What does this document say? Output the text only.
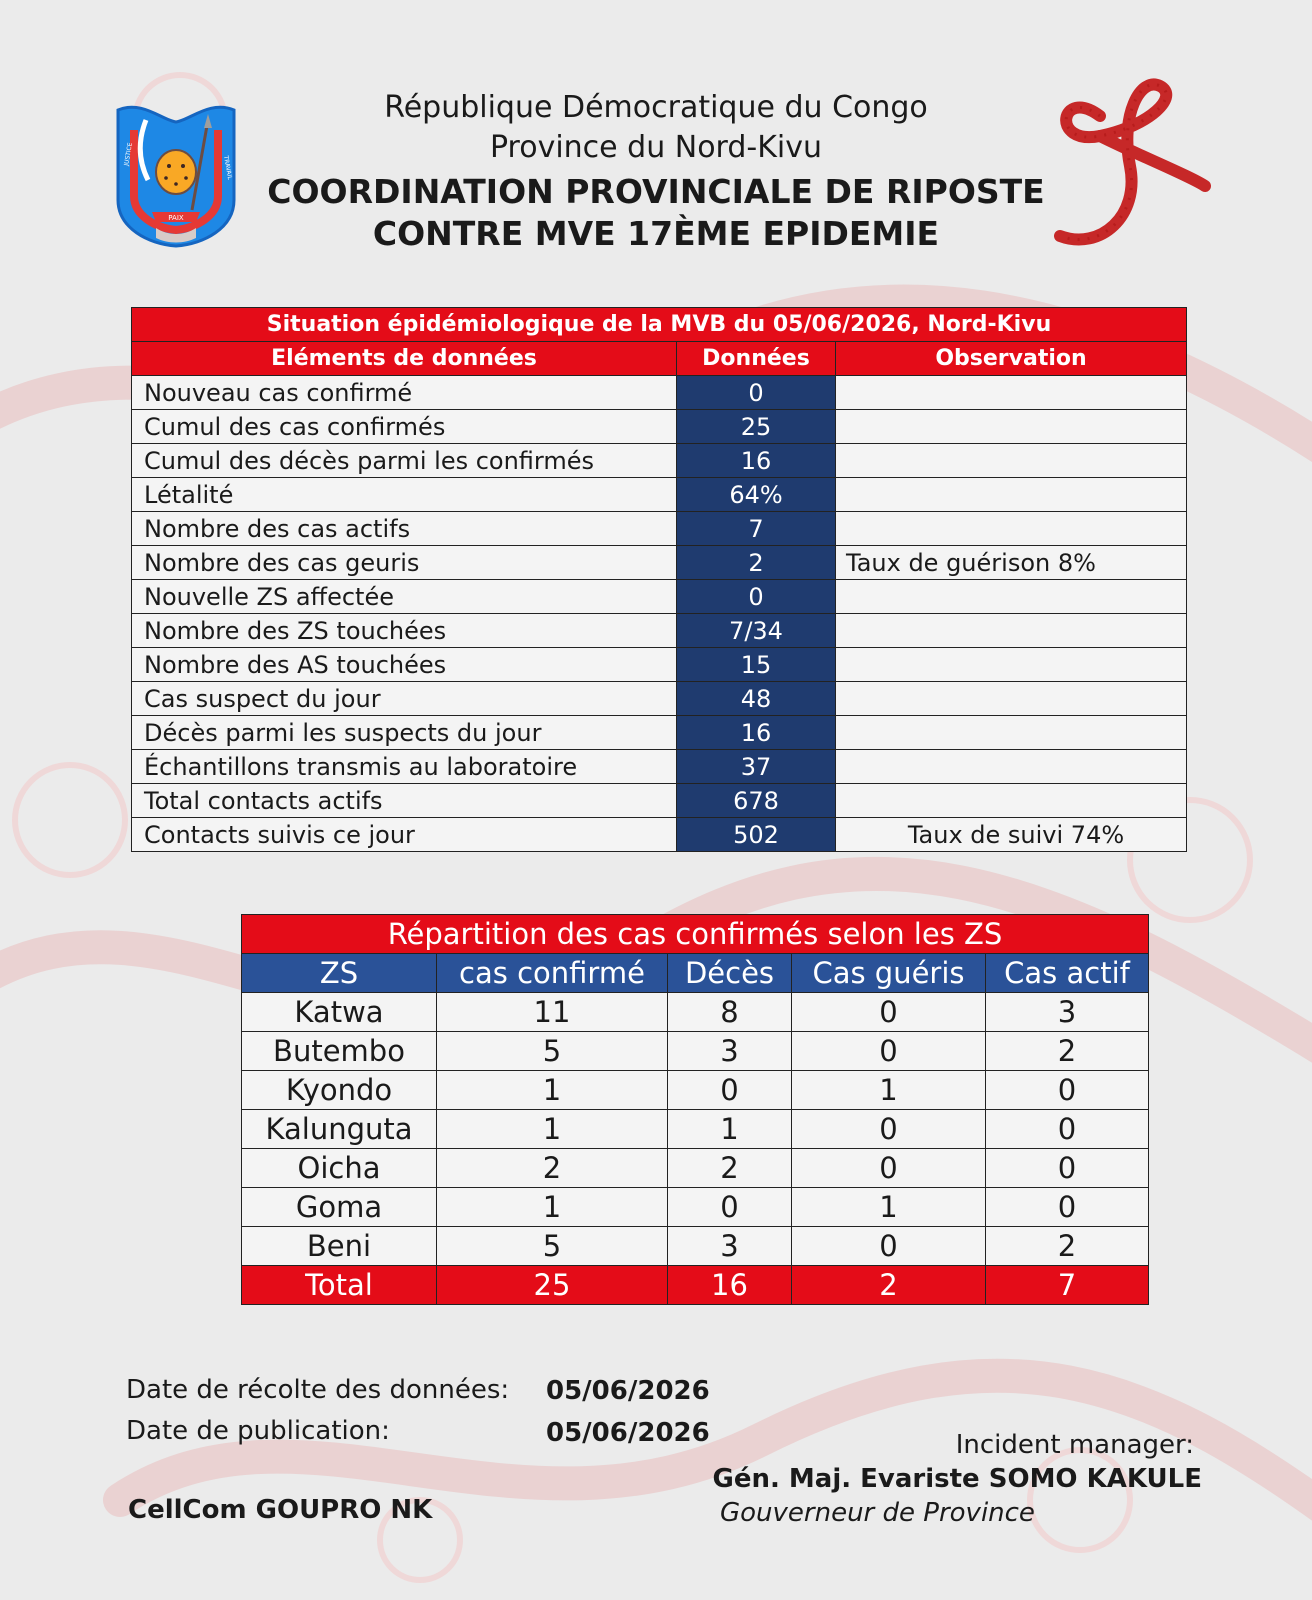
PAIX
JUSTICE
TRAVAIL
République Démocratique du Congo
Province du Nord-Kivu
COORDINATION PROVINCIALE DE RIPOSTE
CONTRE MVE 17ÈME EPIDEMIE
Situation épidémiologique de la MVB du 05/06/2026, Nord-Kivu		
Eléments de données	Données	Observation
Nouveau cas confirmé	0	
Cumul des cas confirmés	25	
Cumul des décès parmi les confirmés	16	
Létalité	64%	
Nombre des cas actifs	7	
Nombre des cas geuris	2	Taux de guérison 8%
Nouvelle ZS affectée	0	
Nombre des ZS touchées	7/34	
Nombre des AS touchées	15	
Cas suspect du jour	48	
Décès parmi les suspects du jour	16	
Échantillons transmis au laboratoire	37	
Total contacts actifs	678	
Contacts suivis ce jour	502	Taux de suivi 74%
Répartition des cas confirmés selon les ZS				
ZS	cas confirmé	Décès	Cas guéris	Cas actif
Katwa	11	8	0	3
Butembo	5	3	0	2
Kyondo	1	0	1	0
Kalunguta	1	1	0	0
Oicha	2	2	0	0
Goma	1	0	1	0
Beni	5	3	0	2
Total	25	16	2	7
Date de récolte des données: 05/06/2026
Date de publication:	05/06/2026
CellCom GOUPRO NK
Incident manager:
Gén. Maj. Evariste SOMO KAKULE
Gouverneur de Province
